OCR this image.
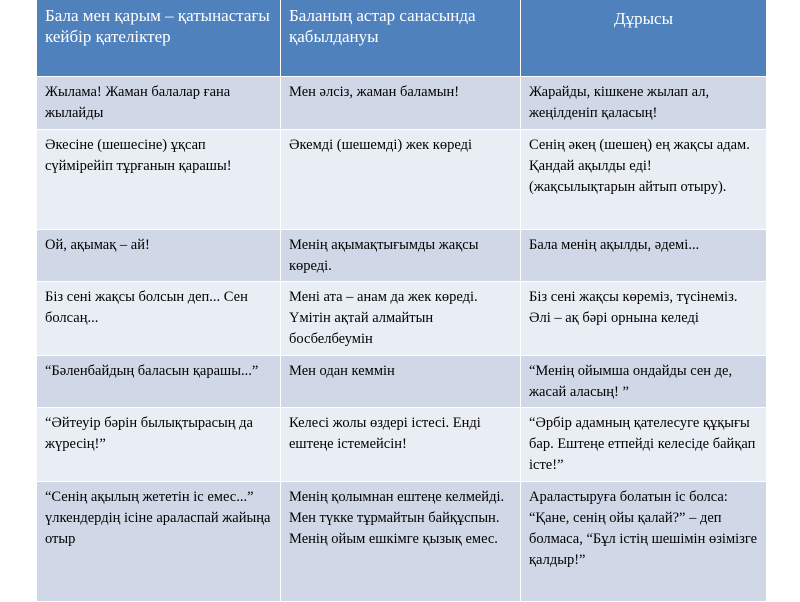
Бала мен қарым – қатынастағы кейбір қателіктер	Баланың астар санасында қабылдануы	Дұрысы
Жылама! Жаман балалар ғана жылайды	Мен әлсіз, жаман баламын!	Жарайды, кішкене жылап ал, жеңілденіп қаласың!
Әкесіне (шешесіне) ұқсап сүймірейіп тұрғанын қарашы!	Әкемді (шешемді) жек көреді	Сенің әкең (шешең) ең жақсы адам. Қандай ақылды еді! (жақсылықтарын айтып отыру).
Ой, ақымақ – ай!	Менің ақымақтығымды жақсы көреді.	Бала менің ақылды, әдемі...
Біз сені жақсы болсын деп... Сен болсаң...	Мені ата – анам да жек көреді. Үмітін ақтай алмайтын босбелбеумін	Біз сені жақсы көреміз, түсінеміз. Әлі – ақ бәрі орнына келеді
“Бәленбайдың баласын қарашы...”	Мен одан кеммін	“Менің ойымша ондайды сен де, жасай аласың! ”
“Әйтеуір бәрін былықтырасың да жүресің!”	Келесі жолы өздері істесі. Енді ештеңе істемейсін!	“Әрбір адамның қателесуге құқығы бар. Ештеңе етпейді келесіде байқап істе!”
“Сенің ақылың жететін іс емес...” үлкендердің ісіне араласпай жайыңа отыр	Менің қолымнан ештеңе келмейді. Мен түкке тұрмайтын байқұспын. Менің ойым ешкімге қызық емес.	Араластыруға болатын іс болса: “Қане, сенің ойы қалай?” – деп болмаса, “Бұл істің шешімін өзімізге қалдыр!”
